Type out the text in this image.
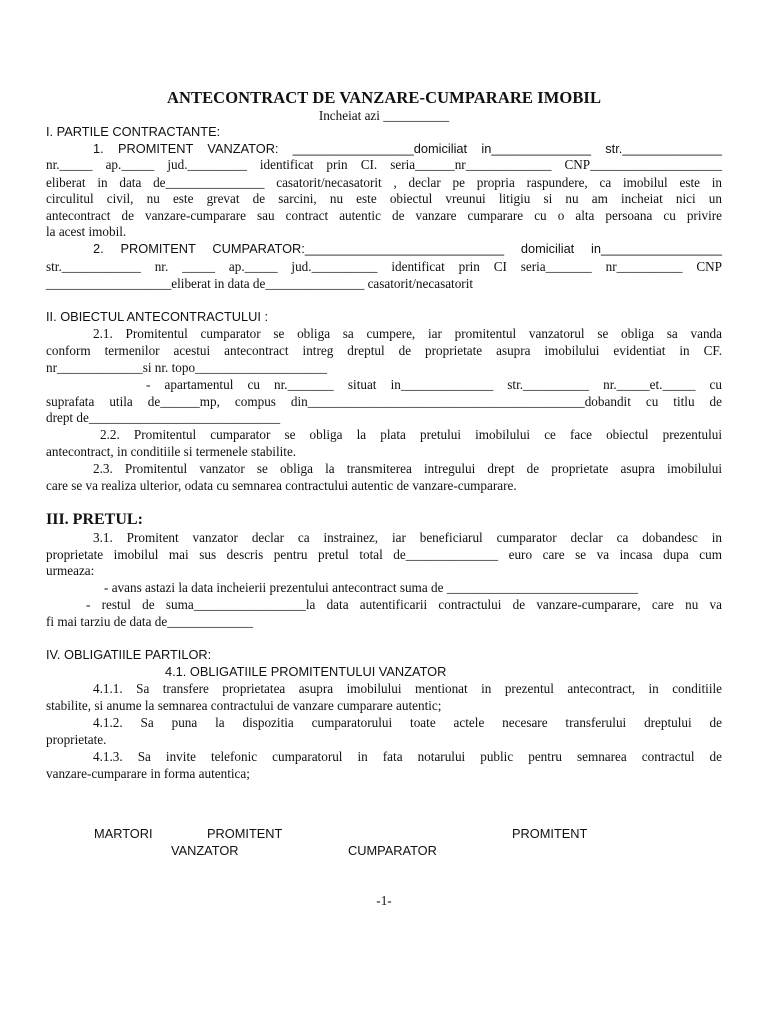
ANTECONTRACT DE VANZARE-CUMPARARE IMOBIL
Incheiat azi __________
I. PARTILE CONTRACTANTE:
1. PROMITENT VANZATOR: _________________domiciliat in______________ str.______________
nr._____ ap._____ jud._________ identificat prin CI. seria______nr_____________ CNP____________________
eliberat in data de_______________ casatorit/necasatorit , declar pe propria raspundere, ca imobilul este in
circulitul civil, nu este grevat de sarcini, nu este obiectul vreunui litigiu si nu am incheiat nici un
antecontract de vanzare-cumparare sau contract autentic de vanzare cumparare cu o alta persoana cu privire
la acest imobil.
2. PROMITENT CUMPARATOR:____________________________ domiciliat in_________________
str.____________ nr. _____ ap._____ jud.__________ identificat prin CI seria_______ nr__________ CNP
___________________eliberat in data de_______________ casatorit/necasatorit
II. OBIECTUL ANTECONTRACTULUI :
2.1. Promitentul cumparator se obliga sa cumpere, iar promitentul vanzatorul se obliga sa vanda
conform termenilor acestui antecontract intreg dreptul de proprietate asupra imobilului evidentiat in CF.
nr_____________si nr. topo____________________
- apartamentul cu nr._______ situat in______________ str.__________ nr._____et._____ cu
suprafata utila de______mp, compus din__________________________________________dobandit cu titlu de
drept de_____________________________
2.2. Promitentul cumparator se obliga la plata pretului imobilului ce face obiectul prezentului
antecontract, in conditiile si termenele stabilite.
2.3. Promitentul vanzator se obliga la transmiterea intregului drept de proprietate asupra imobilului
care se va realiza ulterior, odata cu semnarea contractului autentic de vanzare-cumparare.
III. PRETUL:
3.1. Promitent vanzator declar ca instrainez, iar beneficiarul cumparator declar ca dobandesc in
proprietate imobilul mai sus descris pentru pretul total de______________ euro care se va incasa dupa cum
urmeaza:
- avans astazi la data incheierii prezentului antecontract suma de _____________________________
- restul de suma_________________la data autentificarii contractului de vanzare-cumparare, care nu va
fi mai tarziu de data de_____________
IV. OBLIGATIILE PARTILOR:
4.1. OBLIGATIILE PROMITENTULUI VANZATOR
4.1.1. Sa transfere proprietatea asupra imobilului mentionat in prezentul antecontract, in conditiile
stabilite, si anume la semnarea contractului de vanzare cumparare autentic;
4.1.2. Sa puna la dispozitia cumparatorului toate actele necesare transferului dreptului de
proprietate.
4.1.3. Sa invite telefonic cumparatorul in fata notarului public pentru semnarea contractul de
vanzare-cumparare in forma autentica;
MARTORI	PROMITENT	PROMITENT
VANZATOR	CUMPARATOR
-1-
